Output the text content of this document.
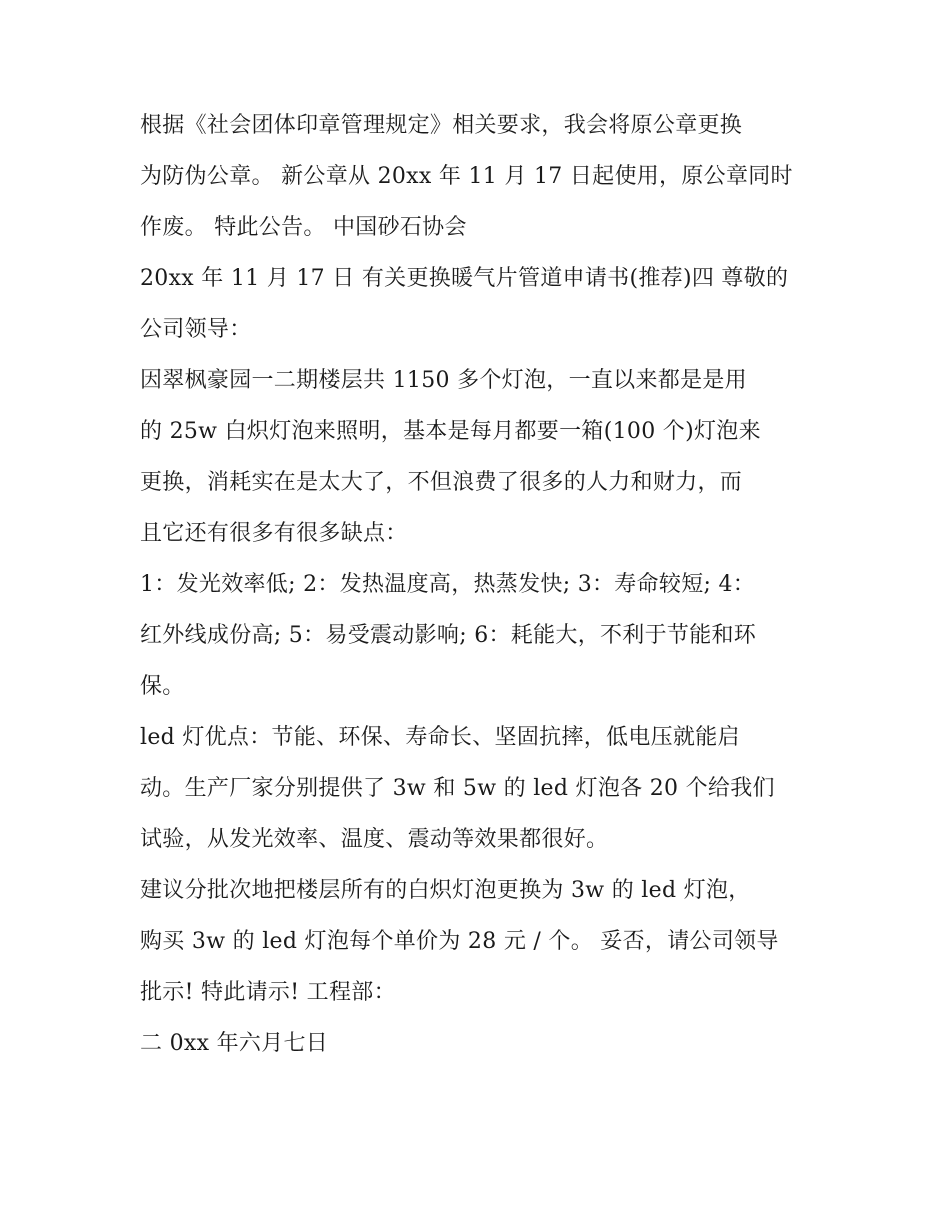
根据《社会团体印章管理规定》相关要求，我会将原公章更换
为防伪公章。 新公章从 20xx 年 11 月 17 日起使用，原公章同时
作废。 特此公告。 中国砂石协会
20xx 年 11 月 17 日 有关更换暖气片管道申请书(推荐)四 尊敬的
公司领导：
因翠枫豪园一二期楼层共 1150 多个灯泡，一直以来都是是用
的 25w 白炽灯泡来照明，基本是每月都要一箱(100 个)灯泡来
更换，消耗实在是太大了，不但浪费了很多的人力和财力，而
且它还有很多有很多缺点：
1：发光效率低; 2：发热温度高，热蒸发快; 3：寿命较短; 4：
红外线成份高; 5：易受震动影响; 6：耗能大，不利于节能和环
保。
led 灯优点：节能、环保、寿命长、坚固抗摔，低电压就能启
动。生产厂家分别提供了 3w 和 5w 的 led 灯泡各 20 个给我们
试验，从发光效率、温度、震动等效果都很好。
建议分批次地把楼层所有的白炽灯泡更换为 3w 的 led 灯泡，
购买 3w 的 led 灯泡每个单价为 28 元 / 个。 妥否，请公司领导
批示! 特此请示! 工程部：
二 0xx 年六月七日
